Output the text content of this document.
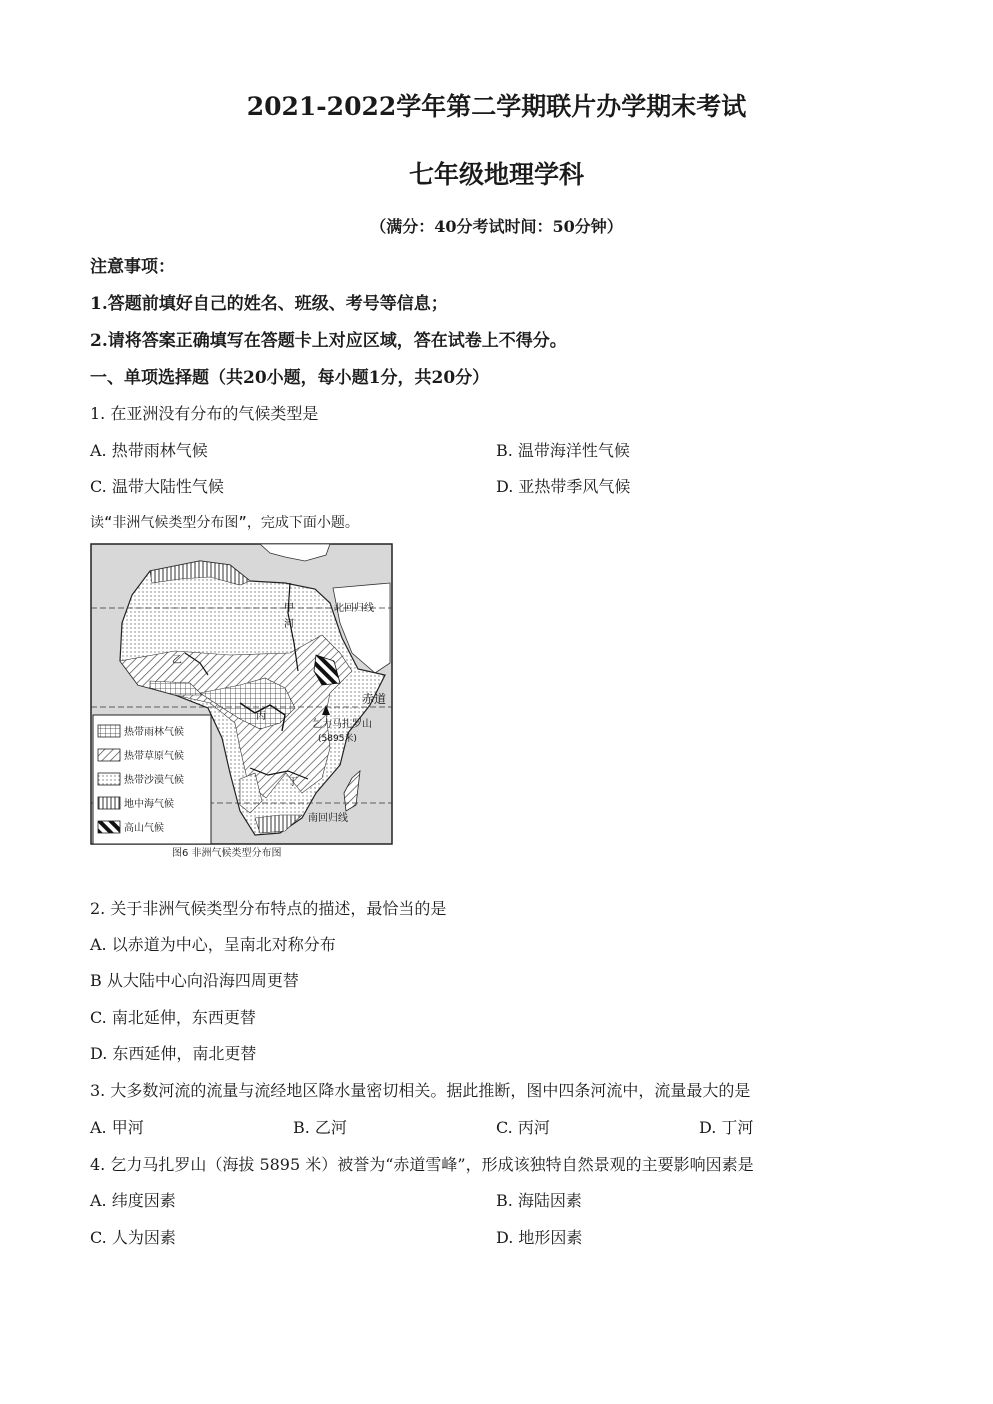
2021-2022学年第二学期联片办学期末考试
七年级地理学科
（满分：40分考试时间：50分钟）
注意事项：
1.答题前填好自己的姓名、班级、考号等信息；
2.请将答案正确填写在答题卡上对应区域，答在试卷上不得分。
一、单项选择题（共20小题，每小题1分，共20分）
1. 在亚洲没有分布的气候类型是
A. 热带雨林气候	B. 温带海洋性气候
C. 温带大陆性气候	D. 亚热带季风气候
读“非洲气候类型分布图”，完成下面小题。
甲
河
北回归线
乙
丙
赤道
乞力马扎罗山
(5895米)
丁
南回归线
热带雨林气候
热带草原气候
热带沙漠气候
地中海气候
高山气候
图6 非洲气候类型分布图
2. 关于非洲气候类型分布特点的描述，最恰当的是
A. 以赤道为中心，呈南北对称分布
B 从大陆中心向沿海四周更替
C. 南北延伸，东西更替
D. 东西延伸，南北更替
3. 大多数河流的流量与流经地区降水量密切相关。据此推断，图中四条河流中，流量最大的是
A. 甲河	B. 乙河	C. 丙河	D. 丁河
4. 乞力马扎罗山（海拔 5895 米）被誉为“赤道雪峰”，形成该独特自然景观的主要影响因素是
A. 纬度因素	B. 海陆因素
C. 人为因素	D. 地形因素
